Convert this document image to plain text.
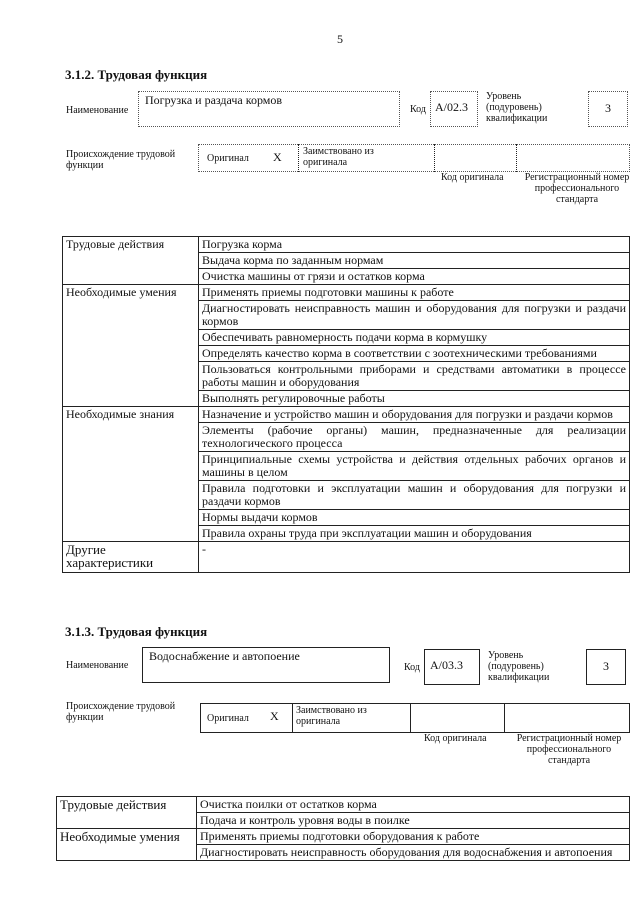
5
3.1.2. Трудовая функция
Наименование
Погрузка и раздача кормов
Код A/02.3
Уровень (подуровень) квалификации
3
Происхождение трудовой функции
Оригинал X Заимствовано из оригинала
Код оригинала Регистрационный номер профессионального стандарта
Трудовые действия	Погрузка корма
	Выдача корма по заданным нормам
	Очистка машины от грязи и остатков корма
Необходимые умения	Применять приемы подготовки машины к работе
	Диагностировать неисправность машин и оборудования для погрузки и раздачи кормов
	Обеспечивать равномерность подачи корма в кормушку
	Определять качество корма в соответствии с зоотехническими требованиями
	Пользоваться контрольными приборами и средствами автоматики в процессе работы машин и оборудования
	Выполнять регулировочные работы
Необходимые знания	Назначение и устройство машин и оборудования для погрузки и раздачи кормов
	Элементы (рабочие органы) машин, предназначенные для реализации технологического процесса
	Принципиальные схемы устройства и действия отдельных рабочих органов и машины в целом
	Правила подготовки и эксплуатации машин и оборудования для погрузки и раздачи кормов
	Нормы выдачи кормов
	Правила охраны труда при эксплуатации машин и оборудования
Другие характеристики	-
3.1.3. Трудовая функция
Наименование
Водоснабжение и автопоение
Код A/03.3
Уровень (подуровень) квалификации
3
Происхождение трудовой функции	Оригинал X Заимствовано из оригинала
Код оригинала	Регистрационный номер профессионального стандарта
Трудовые действия	Очистка поилки от остатков корма
	Подача и контроль уровня воды в поилке
Необходимые умения	Применять приемы подготовки оборудования к работе
	Диагностировать неисправность оборудования для водоснабжения и автопоения
